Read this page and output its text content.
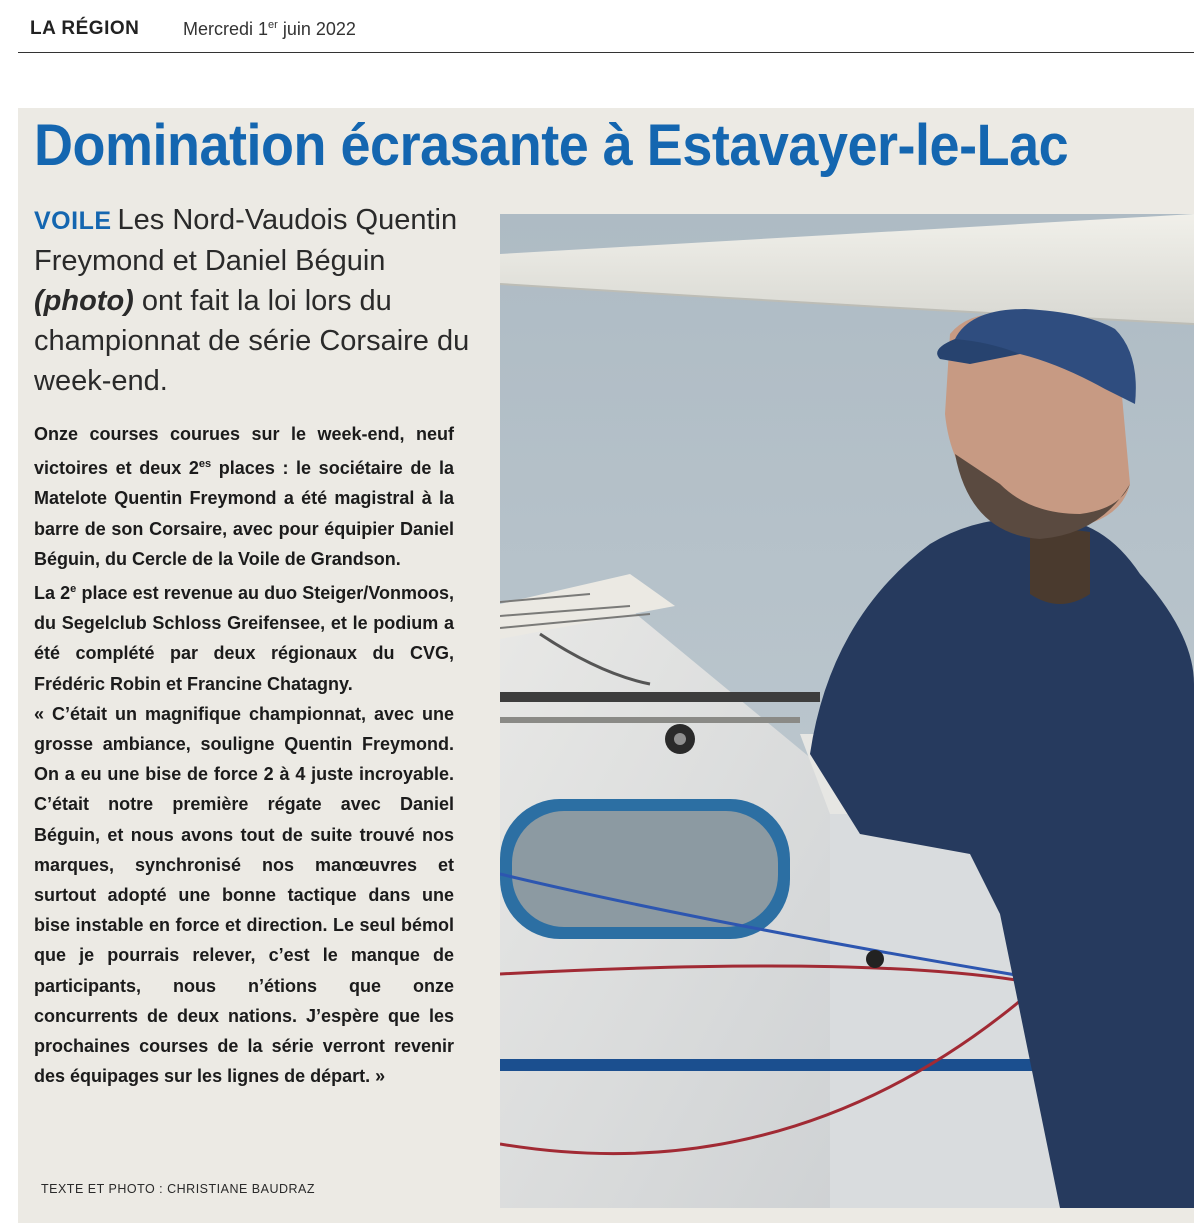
LA RÉGION Mercredi 1er juin 2022
Domination écrasante à Estavayer-le-Lac

VOILE Les Nord-Vaudois Quentin Freymond et Daniel Béguin (photo) ont fait la loi lors du championnat de série Corsaire du week-end.

Onze courses courues sur le week-end, neuf victoires et deux $2^{es}$ places : le sociétaire de la Matelote Quentin Freymond a été magistral à la barre de son Corsaire, avec pour équipier Daniel Béguin, du Cercle de la Voile de Grandson.

La 2e place est revenue au duo Steiger/Vonmoos, du Segelclub Schloss Greifensee, et le podium a été complété par deux régionaux du CVG, Frédéric Robin et Francine Chatagny.

« C’était un magnifique championnat, avec une grosse ambiance, souligne Quentin Freymond. On a eu une bise de force 2 à 4 juste incroyable. C’était notre première régate avec Daniel Béguin, et nous avons tout de suite trouvé nos marques, synchronisé nos manœuvres et surtout adopté une bonne tactique dans une bise instable en force et direction. Le seul bémol que je pourrais relever, c’est le manque de participants, nous n’étions que onze concurrents de deux nations. J’espère que les prochaines courses de la série verront revenir des équipages sur les lignes de départ. »

TEXTE ET PHOTO : CHRISTIANE BAUDRAZ
